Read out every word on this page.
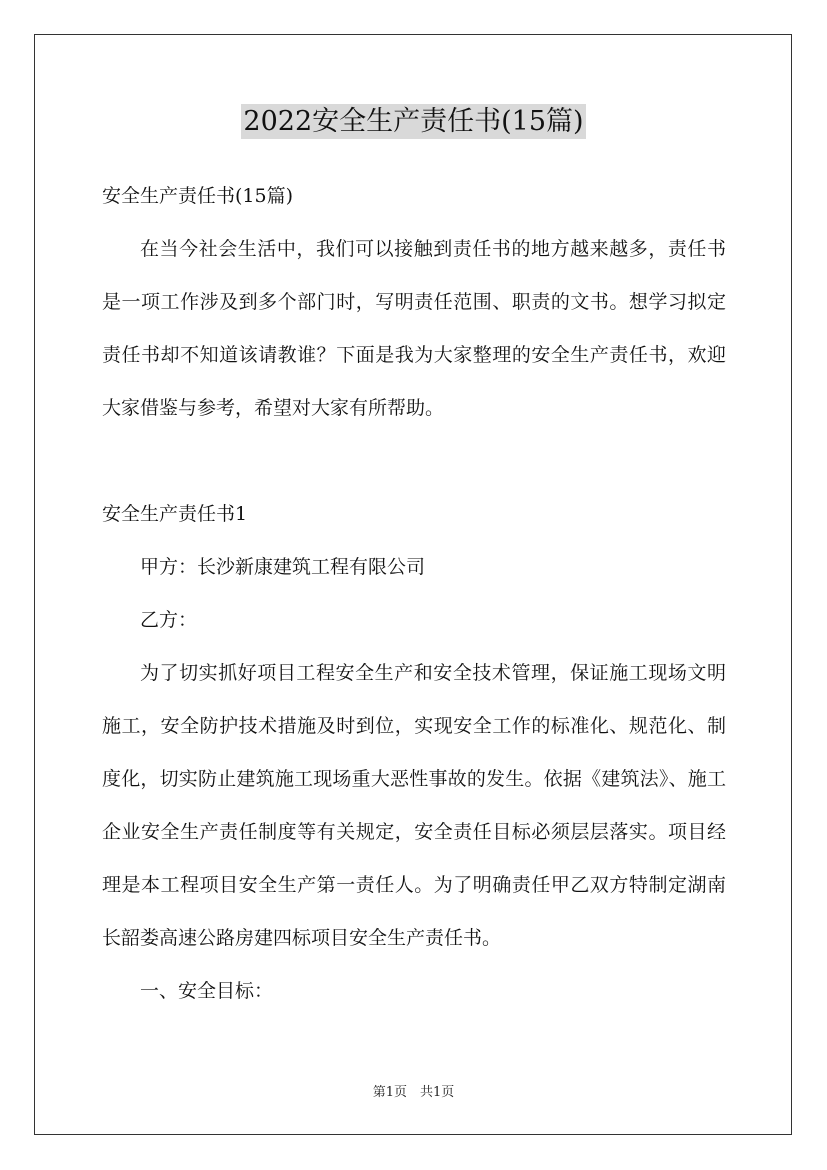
2022安全生产责任书(15篇)

安全生产责任书(15篇)

在当今社会生活中，我们可以接触到责任书的地方越来越多，责任书是一项工作涉及到多个部门时，写明责任范围、职责的文书。想学习拟定责任书却不知道该请教谁？下面是我为大家整理的安全生产责任书，欢迎大家借鉴与参考，希望对大家有所帮助。

安全生产责任书1

甲方：长沙新康建筑工程有限公司

乙方：

为了切实抓好项目工程安全生产和安全技术管理，保证施工现场文明施工，安全防护技术措施及时到位，实现安全工作的标准化、规范化、制度化，切实防止建筑施工现场重大恶性事故的发生。依据《建筑法》、施工企业安全生产责任制度等有关规定，安全责任目标必须层层落实。项目经理是本工程项目安全生产第一责任人。为了明确责任甲乙双方特制定湖南长韶娄高速公路房建四标项目安全生产责任书。

一、安全目标：

第1页　共1页
